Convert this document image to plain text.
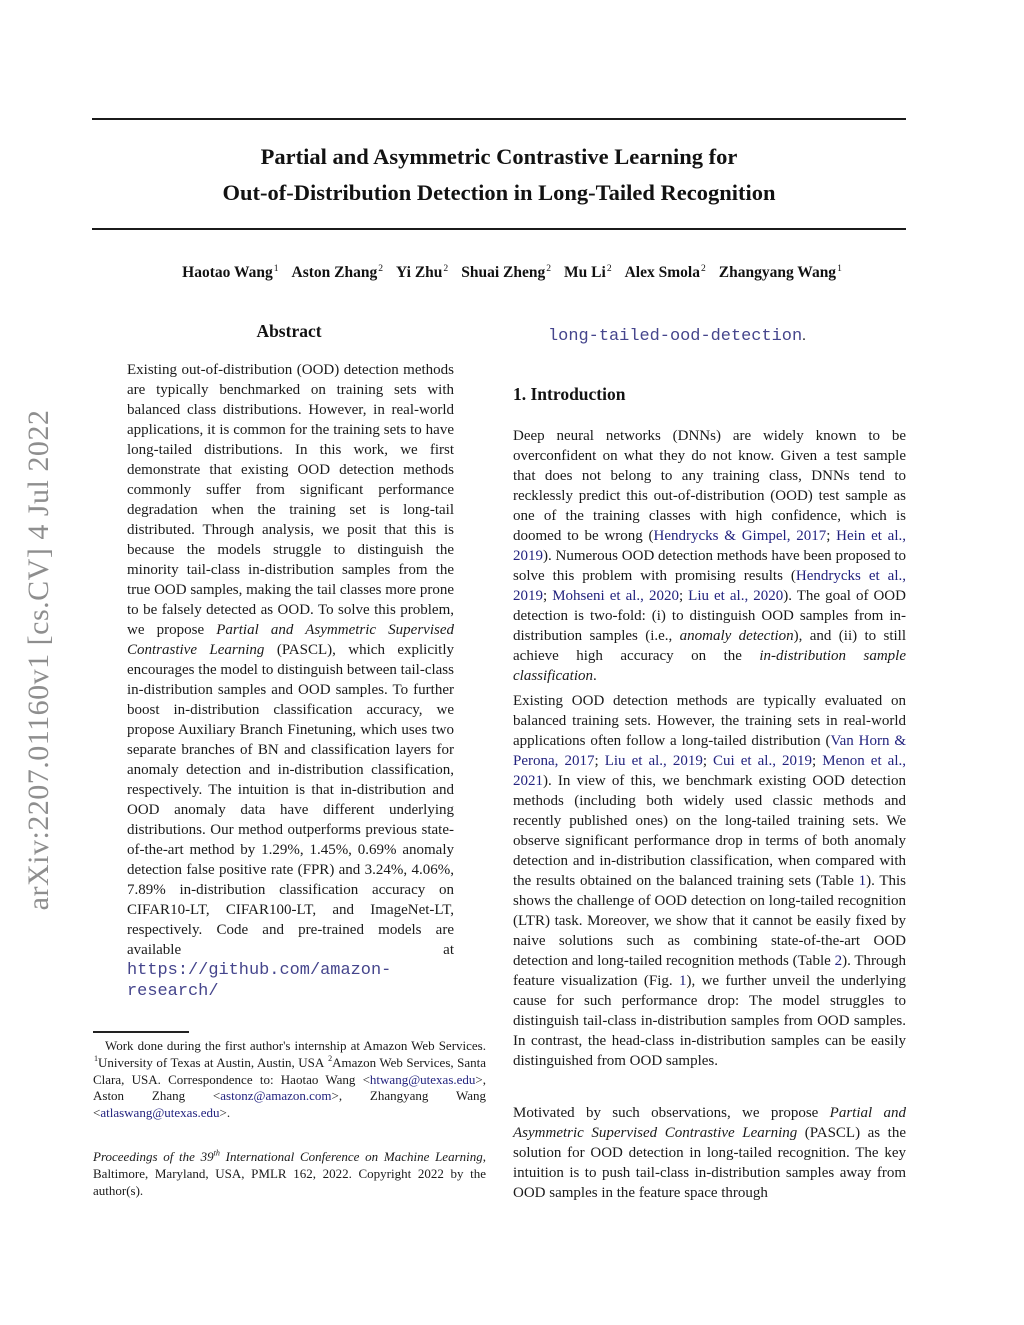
arXiv:2207.01160v1 [cs.CV] 4 Jul 2022
Partial and Asymmetric Contrastive Learning for
Out-of-Distribution Detection in Long-Tailed Recognition
Haotao Wang$^1$ Aston Zhang$^2$ Yi Zhu$^2$ Shuai Zheng$^2$ Mu Li$^2$ Alex Smola$^2$ Zhangyang Wang$^1$
Abstract
Existing out-of-distribution (OOD) detection methods are typically benchmarked on training sets with balanced class distributions. However, in real-world applications, it is common for the training sets to have long-tailed distributions. In this work, we first demonstrate that existing OOD detection methods commonly suffer from significant performance degradation when the training set is long-tail distributed. Through analysis, we posit that this is because the models struggle to distinguish the minority tail-class in-distribution samples from the true OOD samples, making the tail classes more prone to be falsely detected as OOD. To solve this problem, we propose Partial and Asymmetric Supervised Contrastive Learning (PASCL), which explicitly encourages the model to distinguish between tail-class in-distribution samples and OOD samples. To further boost in-distribution classification accuracy, we propose Auxiliary Branch Finetuning, which uses two separate branches of BN and classification layers for anomaly detection and in-distribution classification, respectively. The intuition is that in-distribution and OOD anomaly data have different underlying distributions. Our method outperforms previous state-of-the-art method by 1.29%, 1.45%, 0.69% anomaly detection false positive rate (FPR) and 3.24%, 4.06%, 7.89% in-distribution classification accuracy on CIFAR10-LT, CIFAR100-LT, and ImageNet-LT, respectively. Code and pre-trained models are available at https://github.com/amazon-research/
Work done during the first author's internship at Amazon Web Services. $^1$University of Texas at Austin, Austin, USA $^2$Amazon Web Services, Santa Clara, USA. Correspondence to: Haotao Wang <htwang@utexas.edu>, Aston Zhang <astonz@amazon.com>, Zhangyang Wang <atlaswang@utexas.edu>.
Proceedings of the 39th International Conference on Machine Learning, Baltimore, Maryland, USA, PMLR 162, 2022. Copyright 2022 by the author(s).
long-tailed-ood-detection.
1. Introduction
Deep neural networks (DNNs) are widely known to be overconfident on what they do not know. Given a test sample that does not belong to any training class, DNNs tend to recklessly predict this out-of-distribution (OOD) test sample as one of the training classes with high confidence, which is doomed to be wrong (Hendrycks & Gimpel, 2017; Hein et al., 2019). Numerous OOD detection methods have been proposed to solve this problem with promising results (Hendrycks et al., 2019; Mohseni et al., 2020; Liu et al., 2020). The goal of OOD detection is two-fold: (i) to distinguish OOD samples from in-distribution samples (i.e., anomaly detection), and (ii) to still achieve high accuracy on the in-distribution sample classification.
Existing OOD detection methods are typically evaluated on balanced training sets. However, the training sets in real-world applications often follow a long-tailed distribution (Van Horn & Perona, 2017; Liu et al., 2019; Cui et al., 2019; Menon et al., 2021). In view of this, we benchmark existing OOD detection methods (including both widely used classic methods and recently published ones) on the long-tailed training sets. We observe significant performance drop in terms of both anomaly detection and in-distribution classification, when compared with the results obtained on the balanced training sets (Table 1). This shows the challenge of OOD detection on long-tailed recognition (LTR) task. Moreover, we show that it cannot be easily fixed by naive solutions such as combining state-of-the-art OOD detection and long-tailed recognition methods (Table 2). Through feature visualization (Fig. 1), we further unveil the underlying cause for such performance drop: The model struggles to distinguish tail-class in-distribution samples from OOD samples. In contrast, the head-class in-distribution samples can be easily distinguished from OOD samples.
Motivated by such observations, we propose Partial and Asymmetric Supervised Contrastive Learning (PASCL) as the solution for OOD detection in long-tailed recognition. The key intuition is to push tail-class in-distribution samples away from OOD samples in the feature space through
